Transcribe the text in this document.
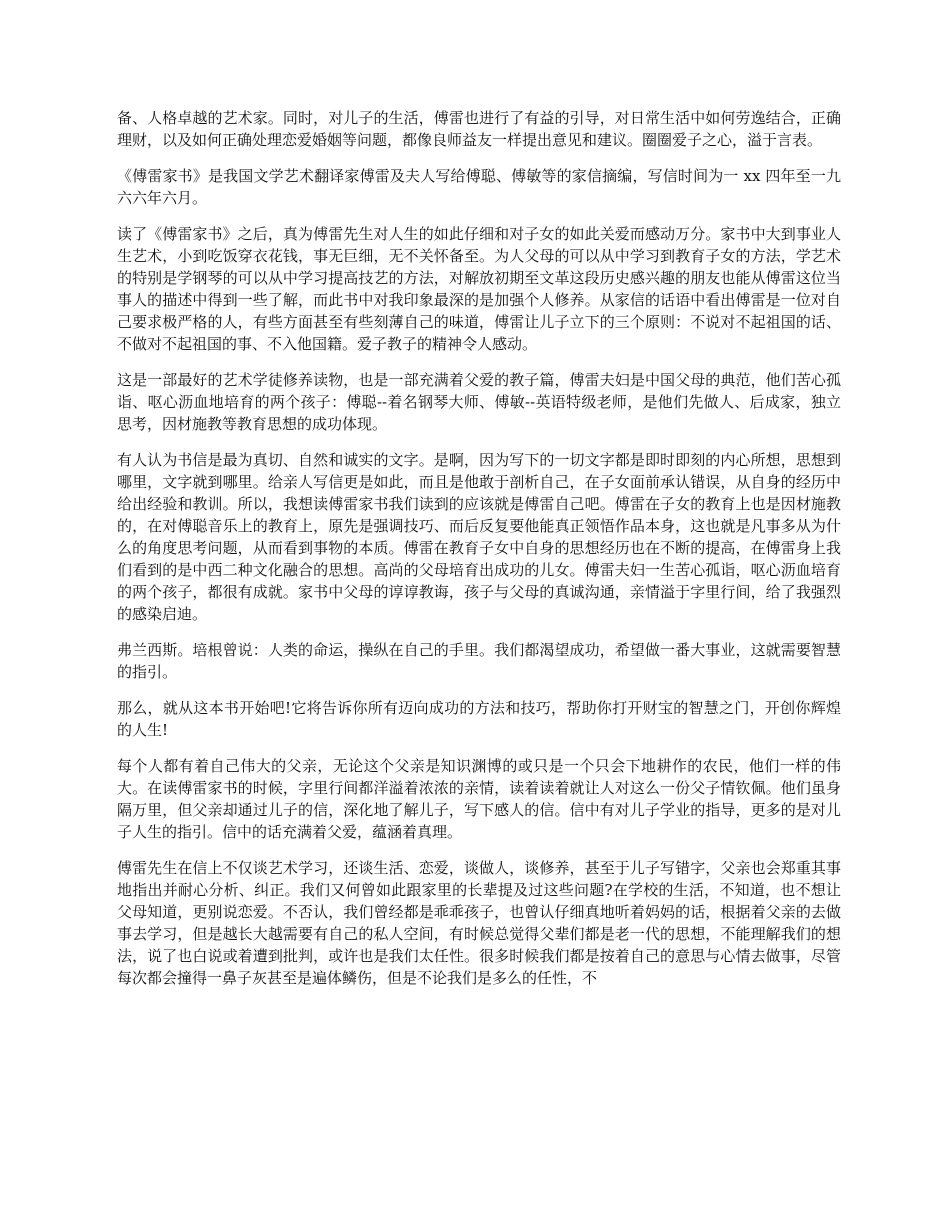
备、人格卓越的艺术家。同时，对儿子的生活，傅雷也进行了有益的引导，对日常生活中如何劳逸结合，正确理财，以及如何正确处理恋爱婚姻等问题，都像良师益友一样提出意见和建议。圈圈爱子之心，溢于言表。

《傅雷家书》是我国文学艺术翻译家傅雷及夫人写给傅聪、傅敏等的家信摘编，写信时间为一 xx 四年至一九六六年六月。

读了《傅雷家书》之后，真为傅雷先生对人生的如此仔细和对子女的如此关爱而感动万分。家书中大到事业人生艺术，小到吃饭穿衣花钱，事无巨细，无不关怀备至。为人父母的可以从中学习到教育子女的方法，学艺术的特别是学钢琴的可以从中学习提高技艺的方法，对解放初期至文革这段历史感兴趣的朋友也能从傅雷这位当事人的描述中得到一些了解，而此书中对我印象最深的是加强个人修养。从家信的话语中看出傅雷是一位对自己要求极严格的人，有些方面甚至有些刻薄自己的味道，傅雷让儿子立下的三个原则：不说对不起祖国的话、不做对不起祖国的事、不入他国籍。爱子教子的精神令人感动。

这是一部最好的艺术学徒修养读物，也是一部充满着父爱的教子篇，傅雷夫妇是中国父母的典范，他们苦心孤诣、呕心沥血地培育的两个孩子：傅聪--着名钢琴大师、傅敏--英语特级老师，是他们先做人、后成家，独立思考，因材施教等教育思想的成功体现。

有人认为书信是最为真切、自然和诚实的文字。是啊，因为写下的一切文字都是即时即刻的内心所想，思想到哪里，文字就到哪里。给亲人写信更是如此，而且是他敢于剖析自己，在子女面前承认错误，从自身的经历中给出经验和教训。所以，我想读傅雷家书我们读到的应该就是傅雷自己吧。傅雷在子女的教育上也是因材施教的，在对傅聪音乐上的教育上，原先是强调技巧、而后反复要他能真正领悟作品本身，这也就是凡事多从为什么的角度思考问题，从而看到事物的本质。傅雷在教育子女中自身的思想经历也在不断的提高，在傅雷身上我们看到的是中西二种文化融合的思想。高尚的父母培育出成功的儿女。傅雷夫妇一生苦心孤诣，呕心沥血培育的两个孩子，都很有成就。家书中父母的谆谆教诲，孩子与父母的真诚沟通，亲情溢于字里行间，给了我强烈的感染启迪。

弗兰西斯。培根曾说：人类的命运，操纵在自己的手里。我们都渴望成功，希望做一番大事业，这就需要智慧的指引。

那么，就从这本书开始吧!它将告诉你所有迈向成功的方法和技巧，帮助你打开财宝的智慧之门，开创你辉煌的人生!

每个人都有着自己伟大的父亲，无论这个父亲是知识渊博的或只是一个只会下地耕作的农民，他们一样的伟大。在读傅雷家书的时候，字里行间都洋溢着浓浓的亲情，读着读着就让人对这么一份父子情钦佩。他们虽身隔万里，但父亲却通过儿子的信，深化地了解儿子，写下感人的信。信中有对儿子学业的指导，更多的是对儿子人生的指引。信中的话充满着父爱，蕴涵着真理。

傅雷先生在信上不仅谈艺术学习，还谈生活、恋爱，谈做人，谈修养，甚至于儿子写错字，父亲也会郑重其事地指出并耐心分析、纠正。我们又何曾如此跟家里的长辈提及过这些问题?在学校的生活，不知道，也不想让父母知道，更别说恋爱。不否认，我们曾经都是乖乖孩子，也曾认仔细真地听着妈妈的话，根据着父亲的去做事去学习，但是越长大越需要有自己的私人空间，有时候总觉得父辈们都是老一代的思想，不能理解我们的想法，说了也白说或着遭到批判，或许也是我们太任性。很多时候我们都是按着自己的意思与心情去做事，尽管每次都会撞得一鼻子灰甚至是遍体鳞伤，但是不论我们是多么的任性，不
